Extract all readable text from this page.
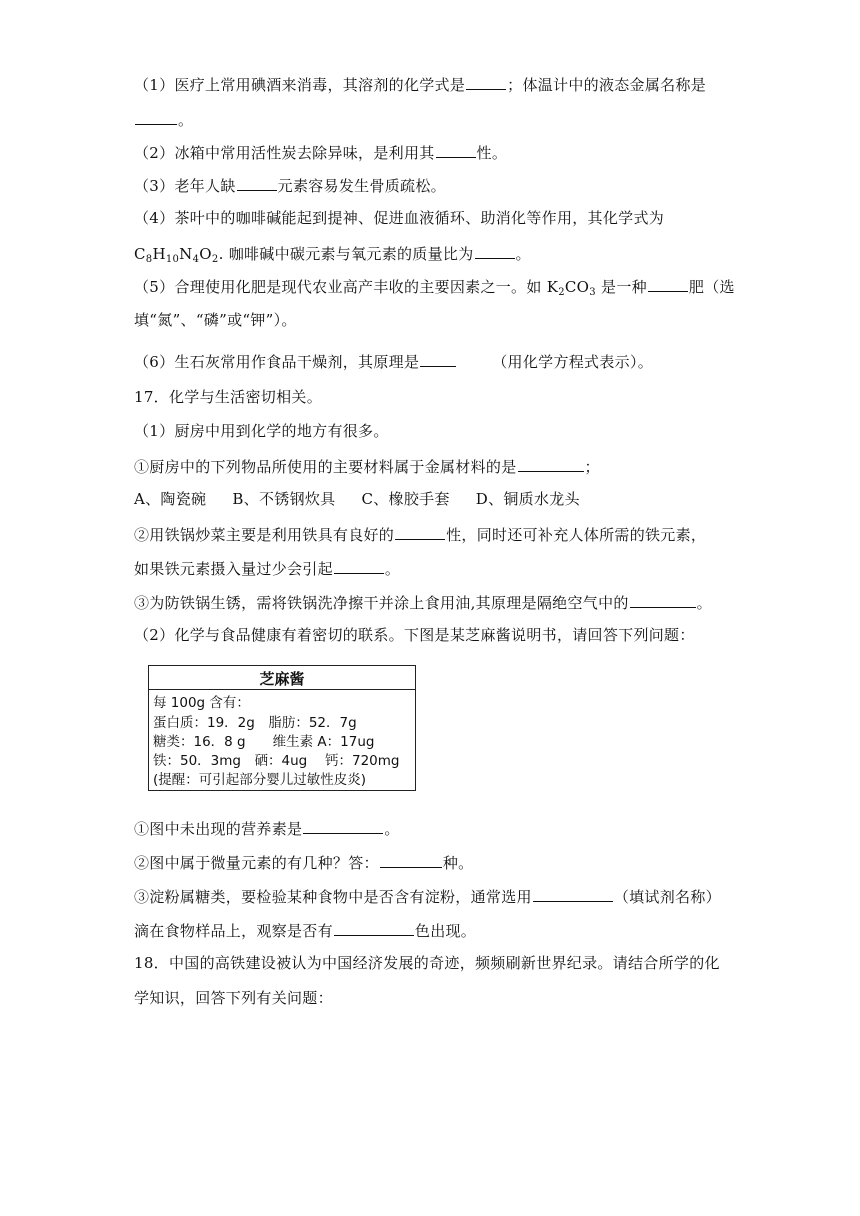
（1）医疗上常用碘酒来消毒，其溶剂的化学式是	；体温计中的液态金属名称是
。
（2）冰箱中常用活性炭去除异味，是利用其	性。
（3）老年人缺	元素容易发生骨质疏松。
（4）茶叶中的咖啡碱能起到提神、促进血液循环、助消化等作用，其化学式为
$C_8H_{10}N_4O_2$. 咖啡碱中碳元素与氧元素的质量比为	。
（5）合理使用化肥是现代农业高产丰收的主要因素之一。如 $K_2CO_3$ 是一种	肥（选
填“氮”、“磷”或“钾”）。
（6）生石灰常用作食品干燥剂，其原理是	（用化学方程式表示）。
17．化学与生活密切相关。
（1）厨房中用到化学的地方有很多。
①厨房中的下列物品所使用的主要材料属于金属材料的是	；
A、陶瓷碗 B、不锈钢炊具 C、橡胶手套 D、铜质水龙头
②用铁锅炒菜主要是利用铁具有良好的	性，同时还可补充人体所需的铁元素，
如果铁元素摄入量过少会引起	。
③为防铁锅生锈，需将铁锅洗净擦干并涂上食用油,其原理是隔绝空气中的	。
（2）化学与食品健康有着密切的联系。下图是某芝麻酱说明书，请回答下列问题：
芝麻酱
每 100g 含有：
蛋白质：19．2g　脂肪：52．7g
糖类：16．8 g　　维生素 A：17ug
铁：50．3mg　硒：4ug　 钙：720mg
(提醒：可引起部分婴儿过敏性皮炎)
①图中未出现的营养素是	。
②图中属于微量元素的有几种？答：	种。
③淀粉属糖类，要检验某种食物中是否含有淀粉，通常选用	（填试剂名称）
滴在食物样品上，观察是否有	色出现。
18．中国的高铁建设被认为中国经济发展的奇迹，频频刷新世界纪录。请结合所学的化
学知识，回答下列有关问题：
